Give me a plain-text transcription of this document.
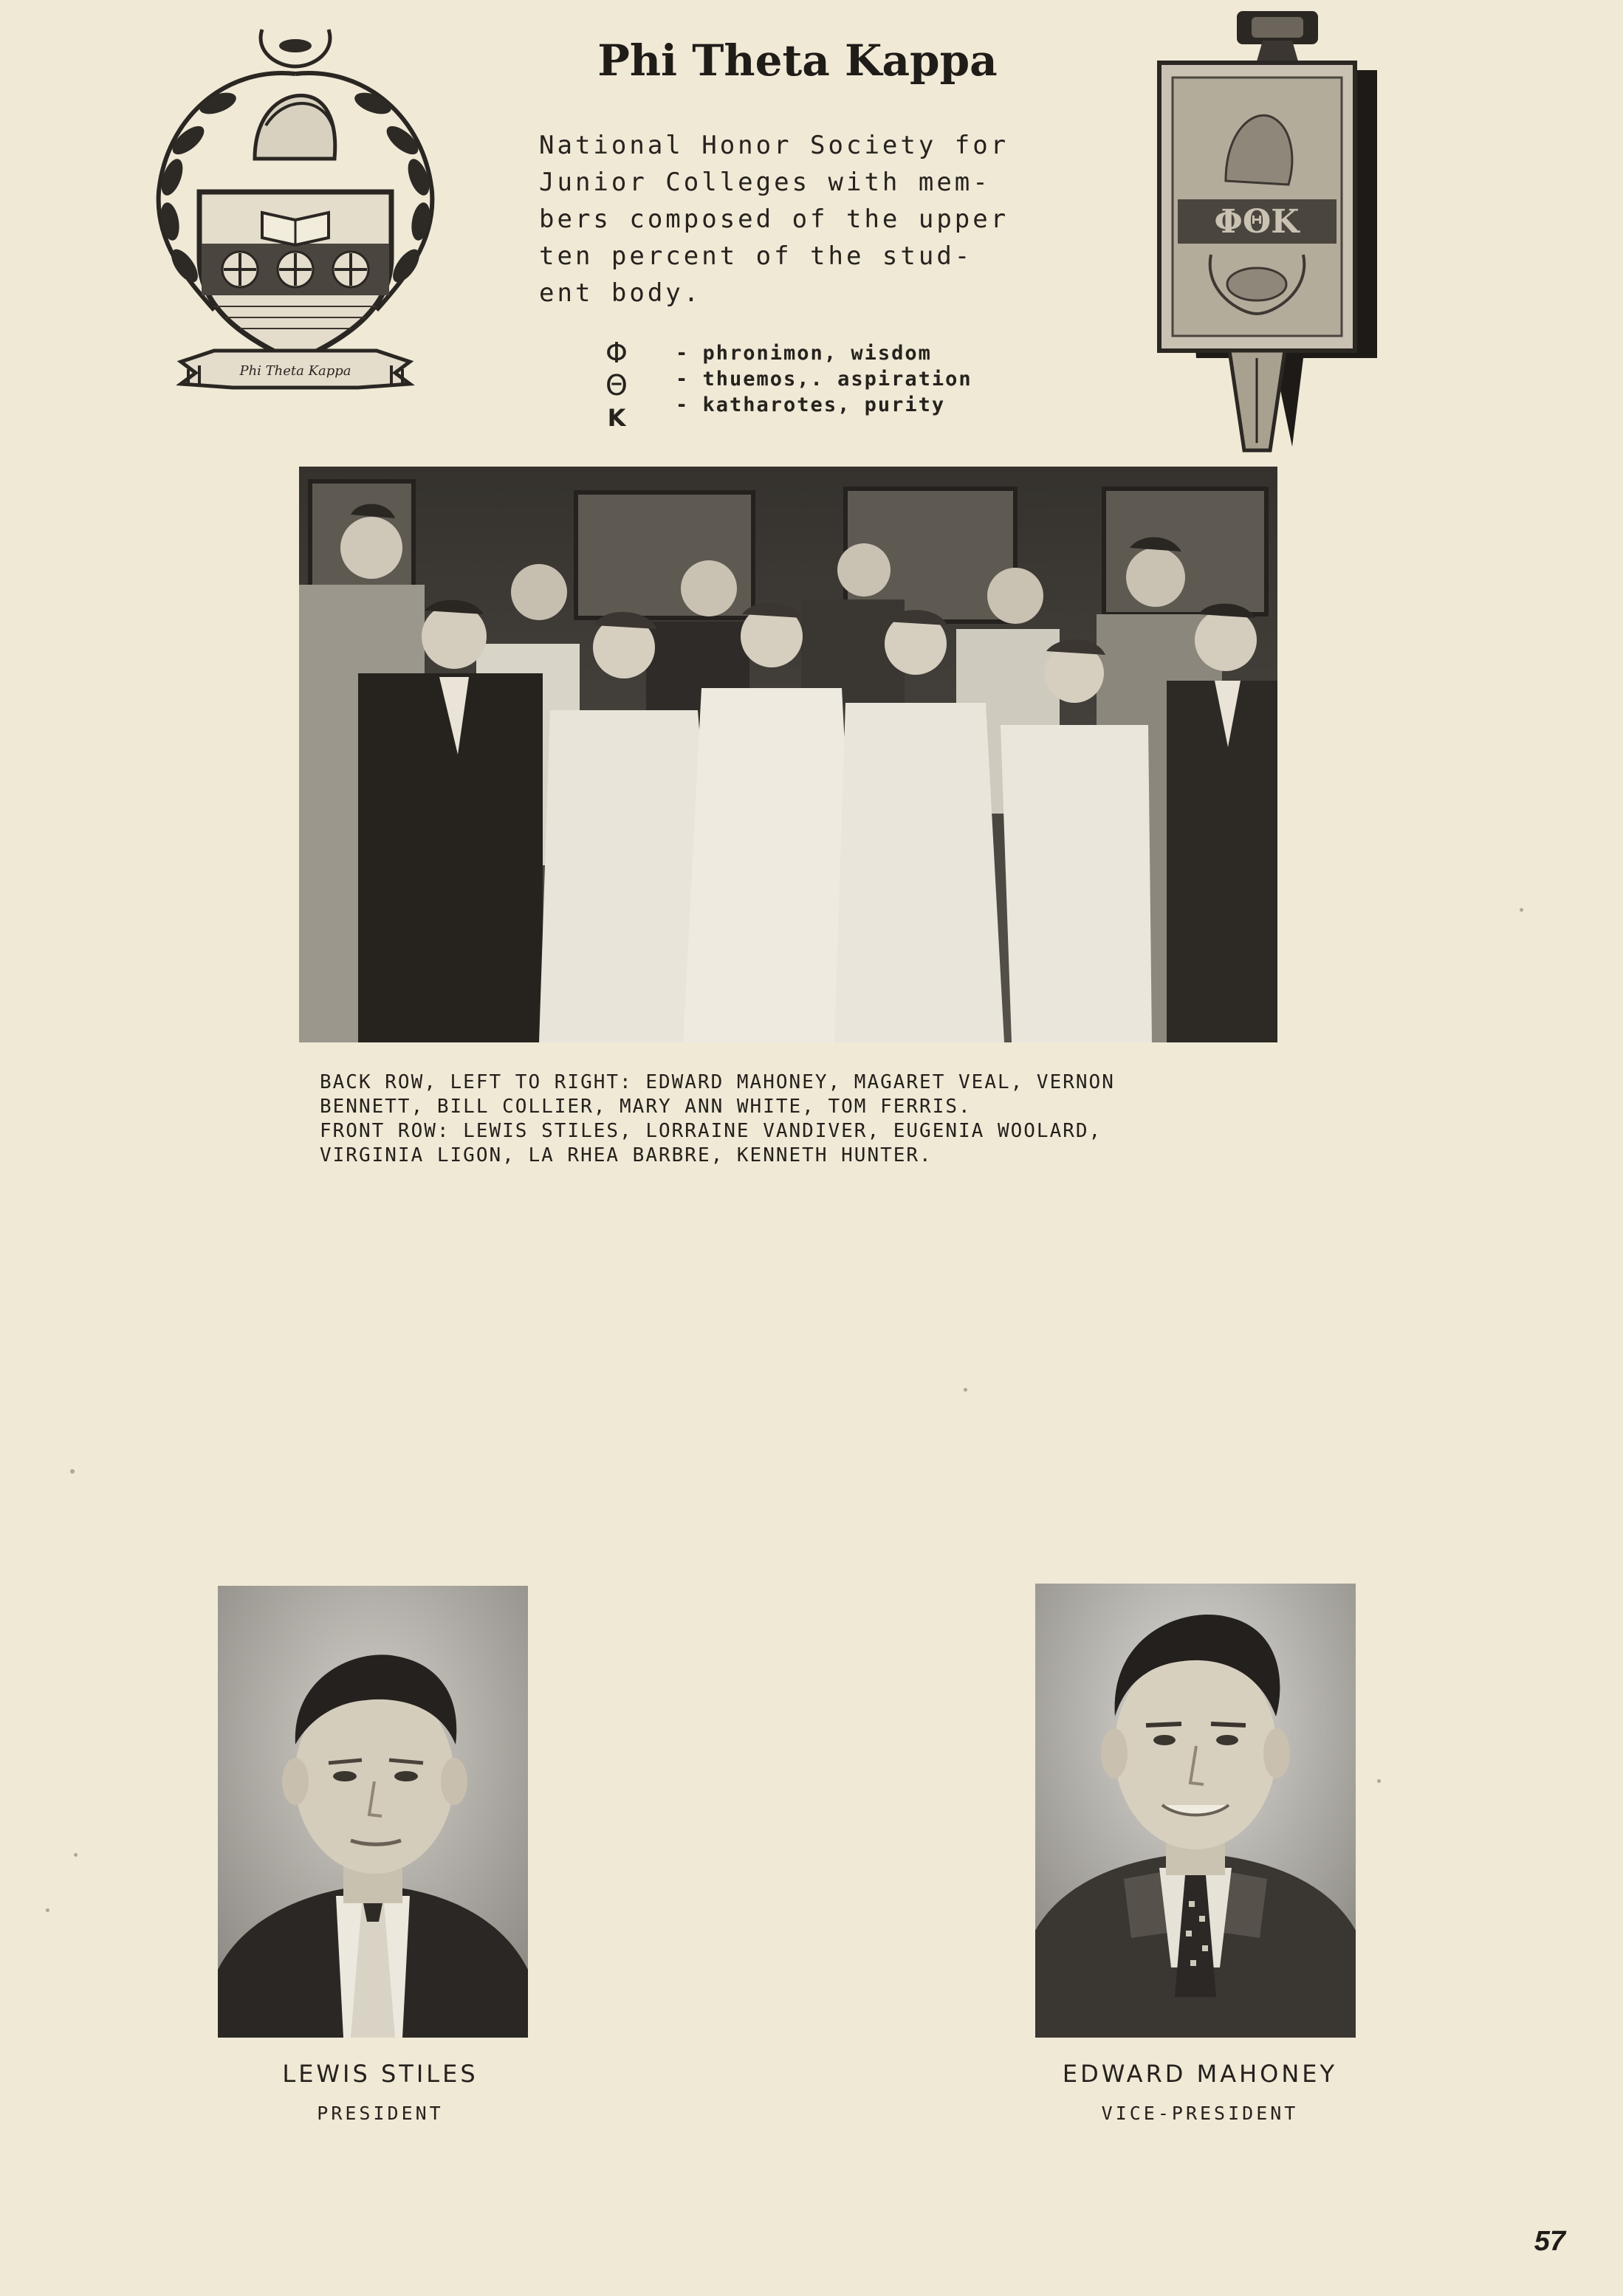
Phi Theta Kappa
Phi Theta Kappa
National Honor Society for
Junior Colleges with mem-
bers composed of the upper
ten percent of the stud-
ent body.
Φ
Θ
K
- phronimon, wisdom
- thuemos,. aspiration
- katharotes, purity
ΦΘΚ
BACK ROW, LEFT TO RIGHT: EDWARD MAHONEY, MAGARET VEAL, VERNON
BENNETT, BILL COLLIER, MARY ANN WHITE, TOM FERRIS.
FRONT ROW: LEWIS STILES, LORRAINE VANDIVER, EUGENIA WOOLARD,
VIRGINIA LIGON, LA RHEA BARBRE, KENNETH HUNTER.

LEWIS STILES

PRESIDENT

EDWARD MAHONEY

VICE-PRESIDENT

57
